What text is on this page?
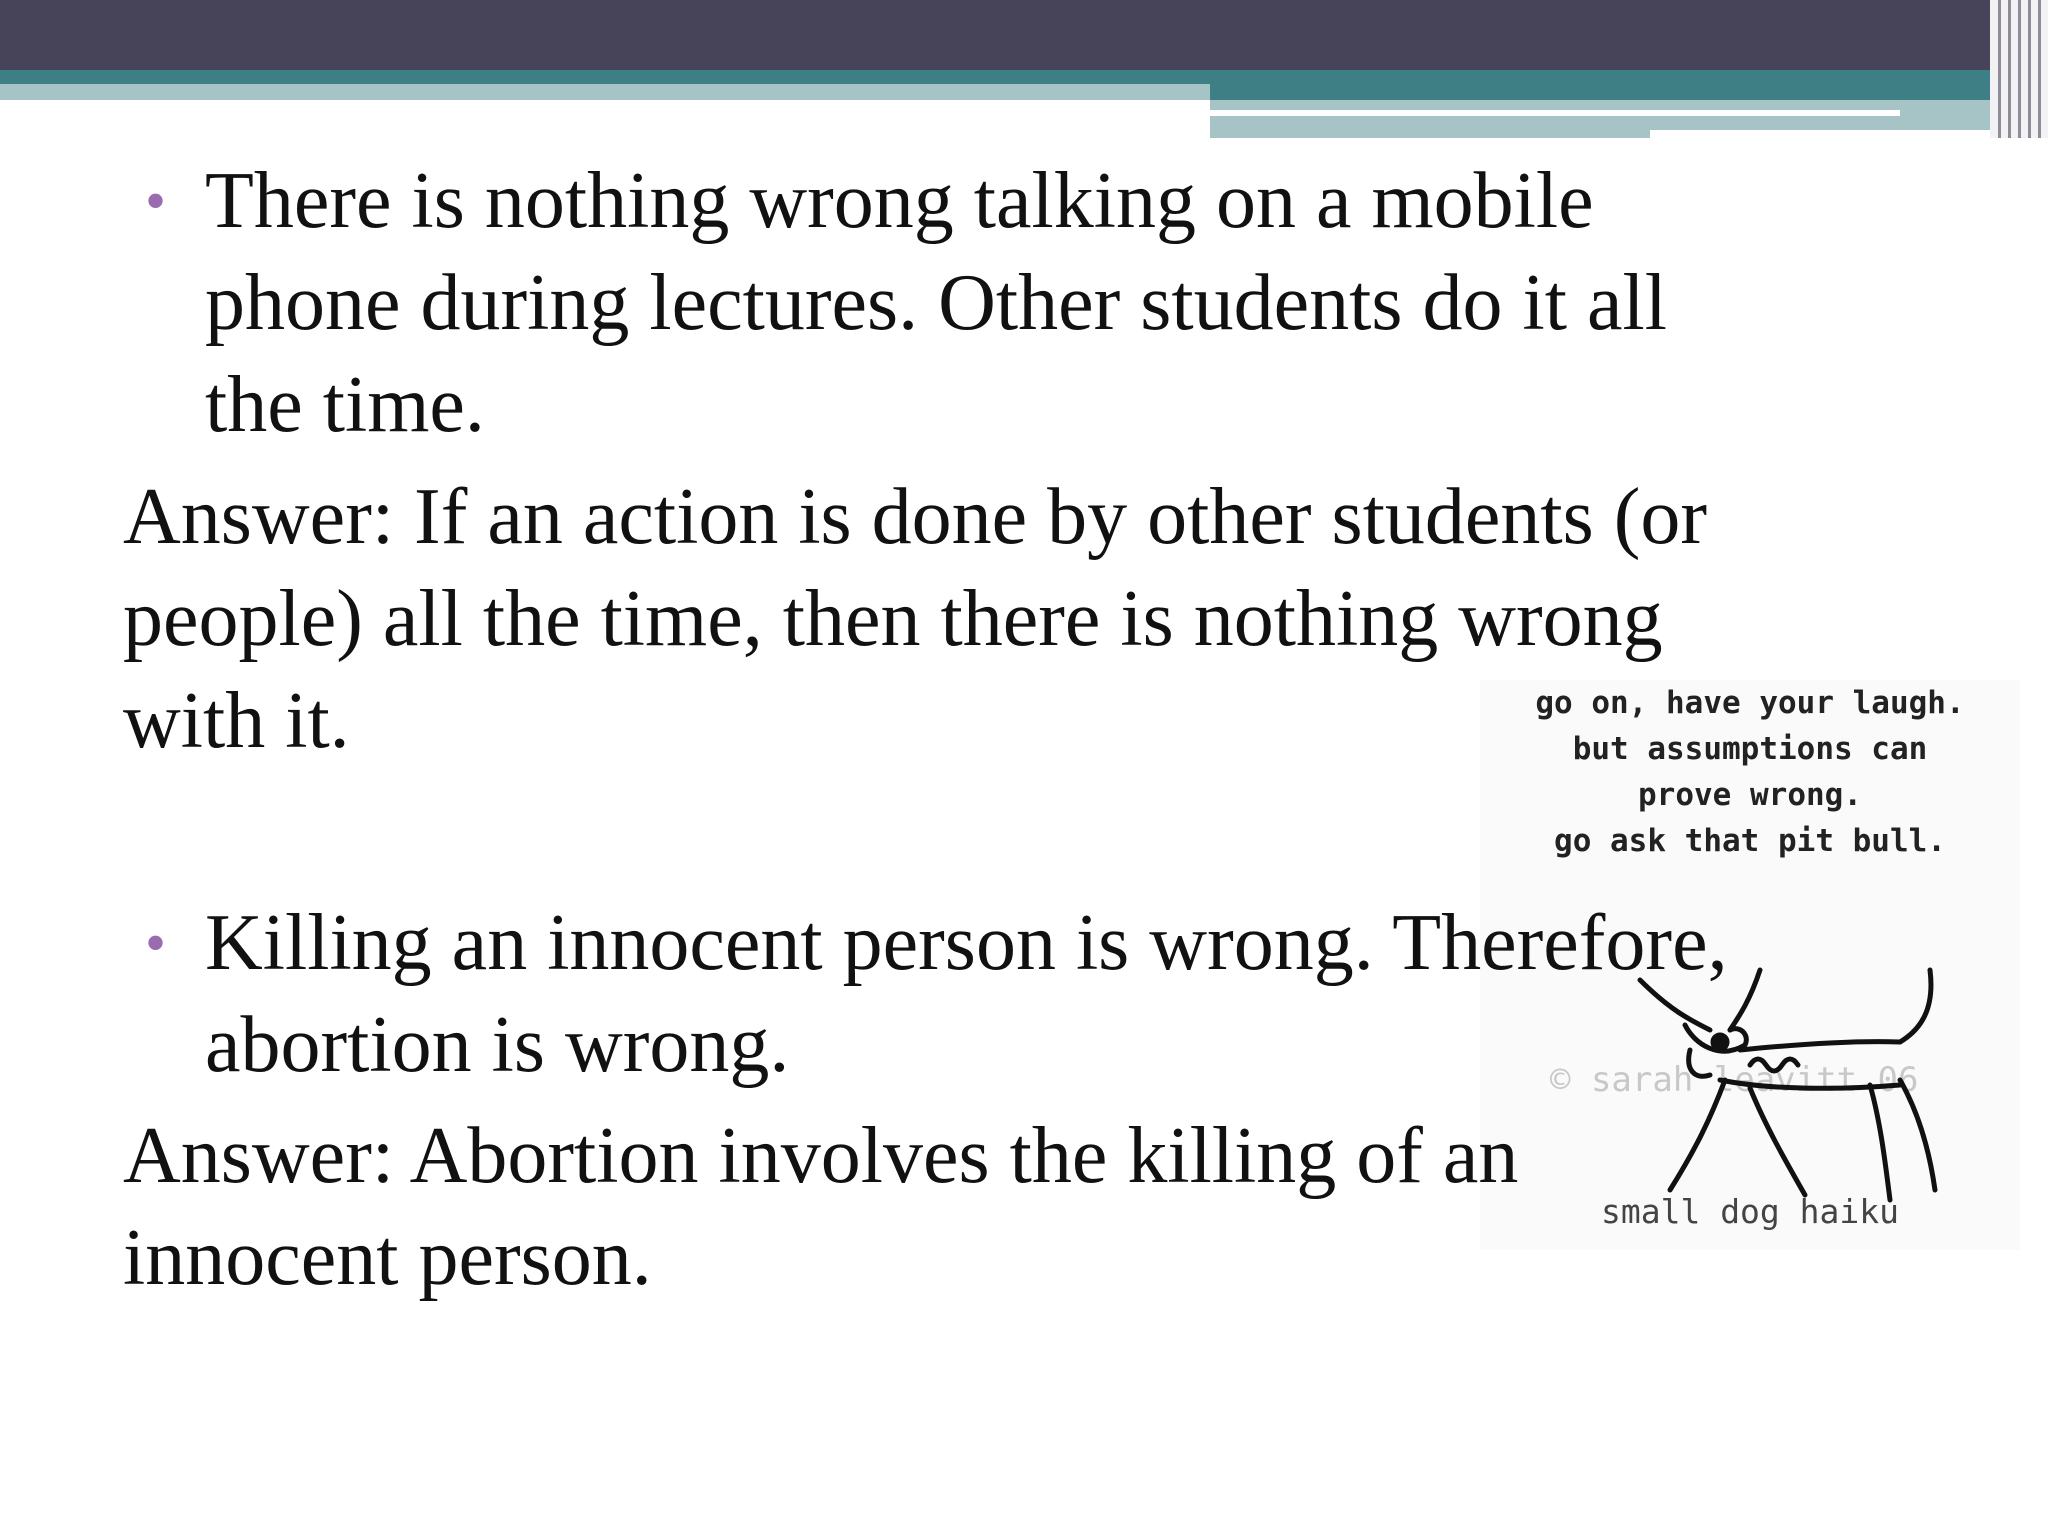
• There is nothing wrong talking on a mobile
phone during lectures. Other students do it all
the time.
Answer: If an action is done by other students (or
people) all the time, then there is nothing wrong
with it.	go on, have your laugh.
but assumptions can
prove wrong.
go ask that pit bull.
© sarah leavitt 06
small dog haiku
• Killing an innocent person is wrong. Therefore,
abortion is wrong.
Answer: Abortion involves the killing of an
innocent person.
